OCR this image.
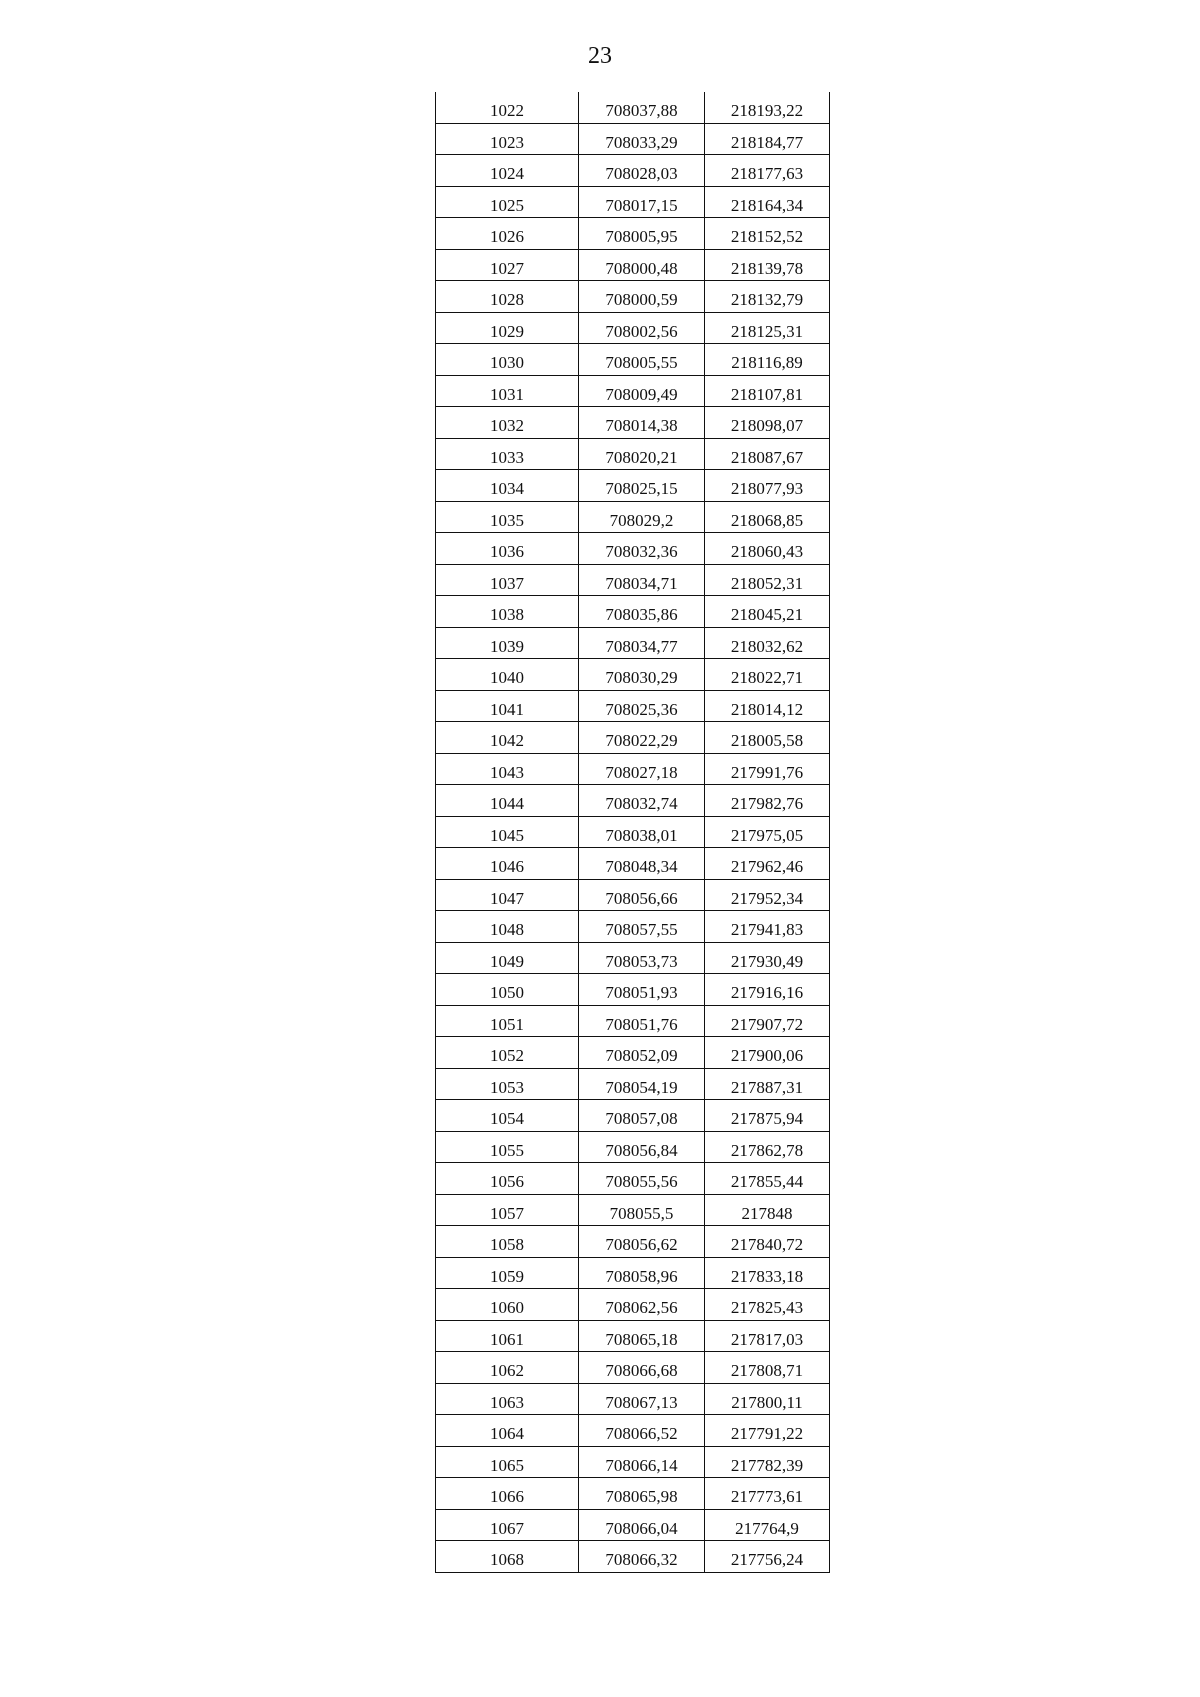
23
1022	708037,88	218193,22
1023	708033,29	218184,77
1024	708028,03	218177,63
1025	708017,15	218164,34
1026	708005,95	218152,52
1027	708000,48	218139,78
1028	708000,59	218132,79
1029	708002,56	218125,31
1030	708005,55	218116,89
1031	708009,49	218107,81
1032	708014,38	218098,07
1033	708020,21	218087,67
1034	708025,15	218077,93
1035	708029,2	218068,85
1036	708032,36	218060,43
1037	708034,71	218052,31
1038	708035,86	218045,21
1039	708034,77	218032,62
1040	708030,29	218022,71
1041	708025,36	218014,12
1042	708022,29	218005,58
1043	708027,18	217991,76
1044	708032,74	217982,76
1045	708038,01	217975,05
1046	708048,34	217962,46
1047	708056,66	217952,34
1048	708057,55	217941,83
1049	708053,73	217930,49
1050	708051,93	217916,16
1051	708051,76	217907,72
1052	708052,09	217900,06
1053	708054,19	217887,31
1054	708057,08	217875,94
1055	708056,84	217862,78
1056	708055,56	217855,44
1057	708055,5	217848
1058	708056,62	217840,72
1059	708058,96	217833,18
1060	708062,56	217825,43
1061	708065,18	217817,03
1062	708066,68	217808,71
1063	708067,13	217800,11
1064	708066,52	217791,22
1065	708066,14	217782,39
1066	708065,98	217773,61
1067	708066,04	217764,9
1068	708066,32	217756,24
